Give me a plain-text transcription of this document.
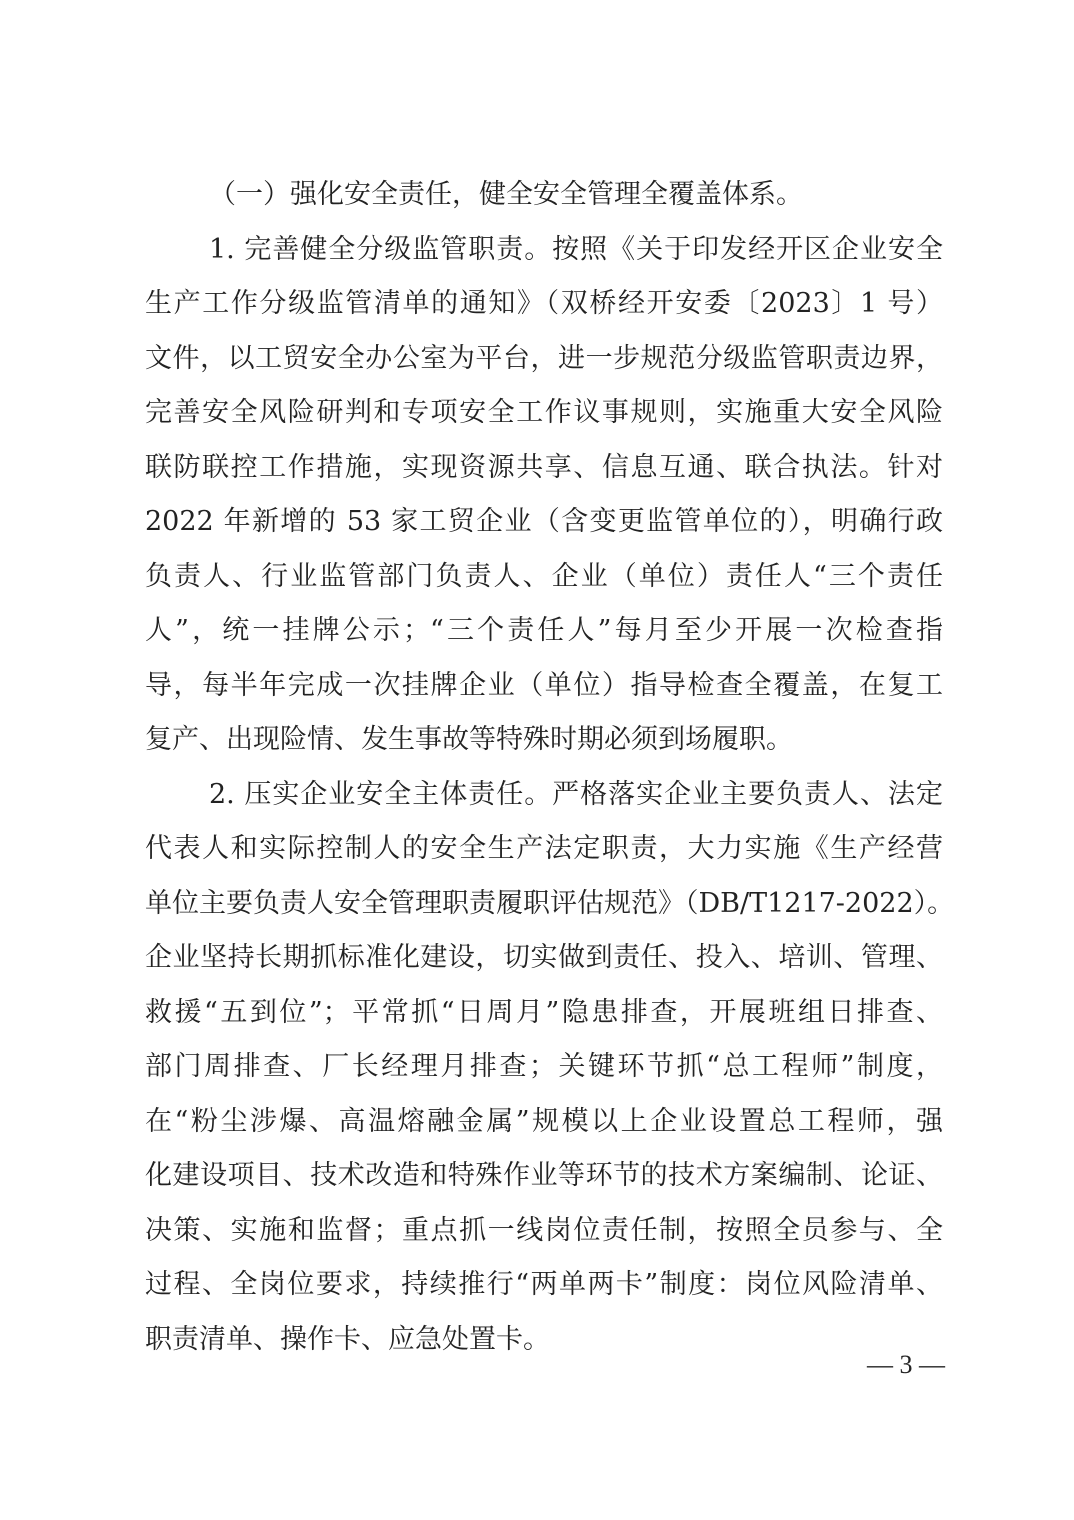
（一）强化安全责任，健全安全管理全覆盖体系。
1. 完善健全分级监管职责。按照《关于印发经开区企业安全
生产工作分级监管清单的通知》（双桥经开安委〔2023〕1 号）
文件，以工贸安全办公室为平台，进一步规范分级监管职责边界，
完善安全风险研判和专项安全工作议事规则，实施重大安全风险
联防联控工作措施，实现资源共享、信息互通、联合执法。针对
2022 年新增的 53 家工贸企业（含变更监管单位的），明确行政
负责人、行业监管部门负责人、企业（单位）责任人“三个责任
人”，统一挂牌公示；“三个责任人”每月至少开展一次检查指
导，每半年完成一次挂牌企业（单位）指导检查全覆盖，在复工
复产、出现险情、发生事故等特殊时期必须到场履职。
2. 压实企业安全主体责任。严格落实企业主要负责人、法定
代表人和实际控制人的安全生产法定职责，大力实施《生产经营
单位主要负责人安全管理职责履职评估规范》（DB/T1217-2022）。
企业坚持长期抓标准化建设，切实做到责任、投入、培训、管理、
救援“五到位”；平常抓“日周月”隐患排查，开展班组日排查、
部门周排查、厂长经理月排查；关键环节抓“总工程师”制度，
在“粉尘涉爆、高温熔融金属”规模以上企业设置总工程师，强
化建设项目、技术改造和特殊作业等环节的技术方案编制、论证、
决策、实施和监督；重点抓一线岗位责任制，按照全员参与、全
过程、全岗位要求，持续推行“两单两卡”制度：岗位风险清单、
职责清单、操作卡、应急处置卡。
— 3 —
